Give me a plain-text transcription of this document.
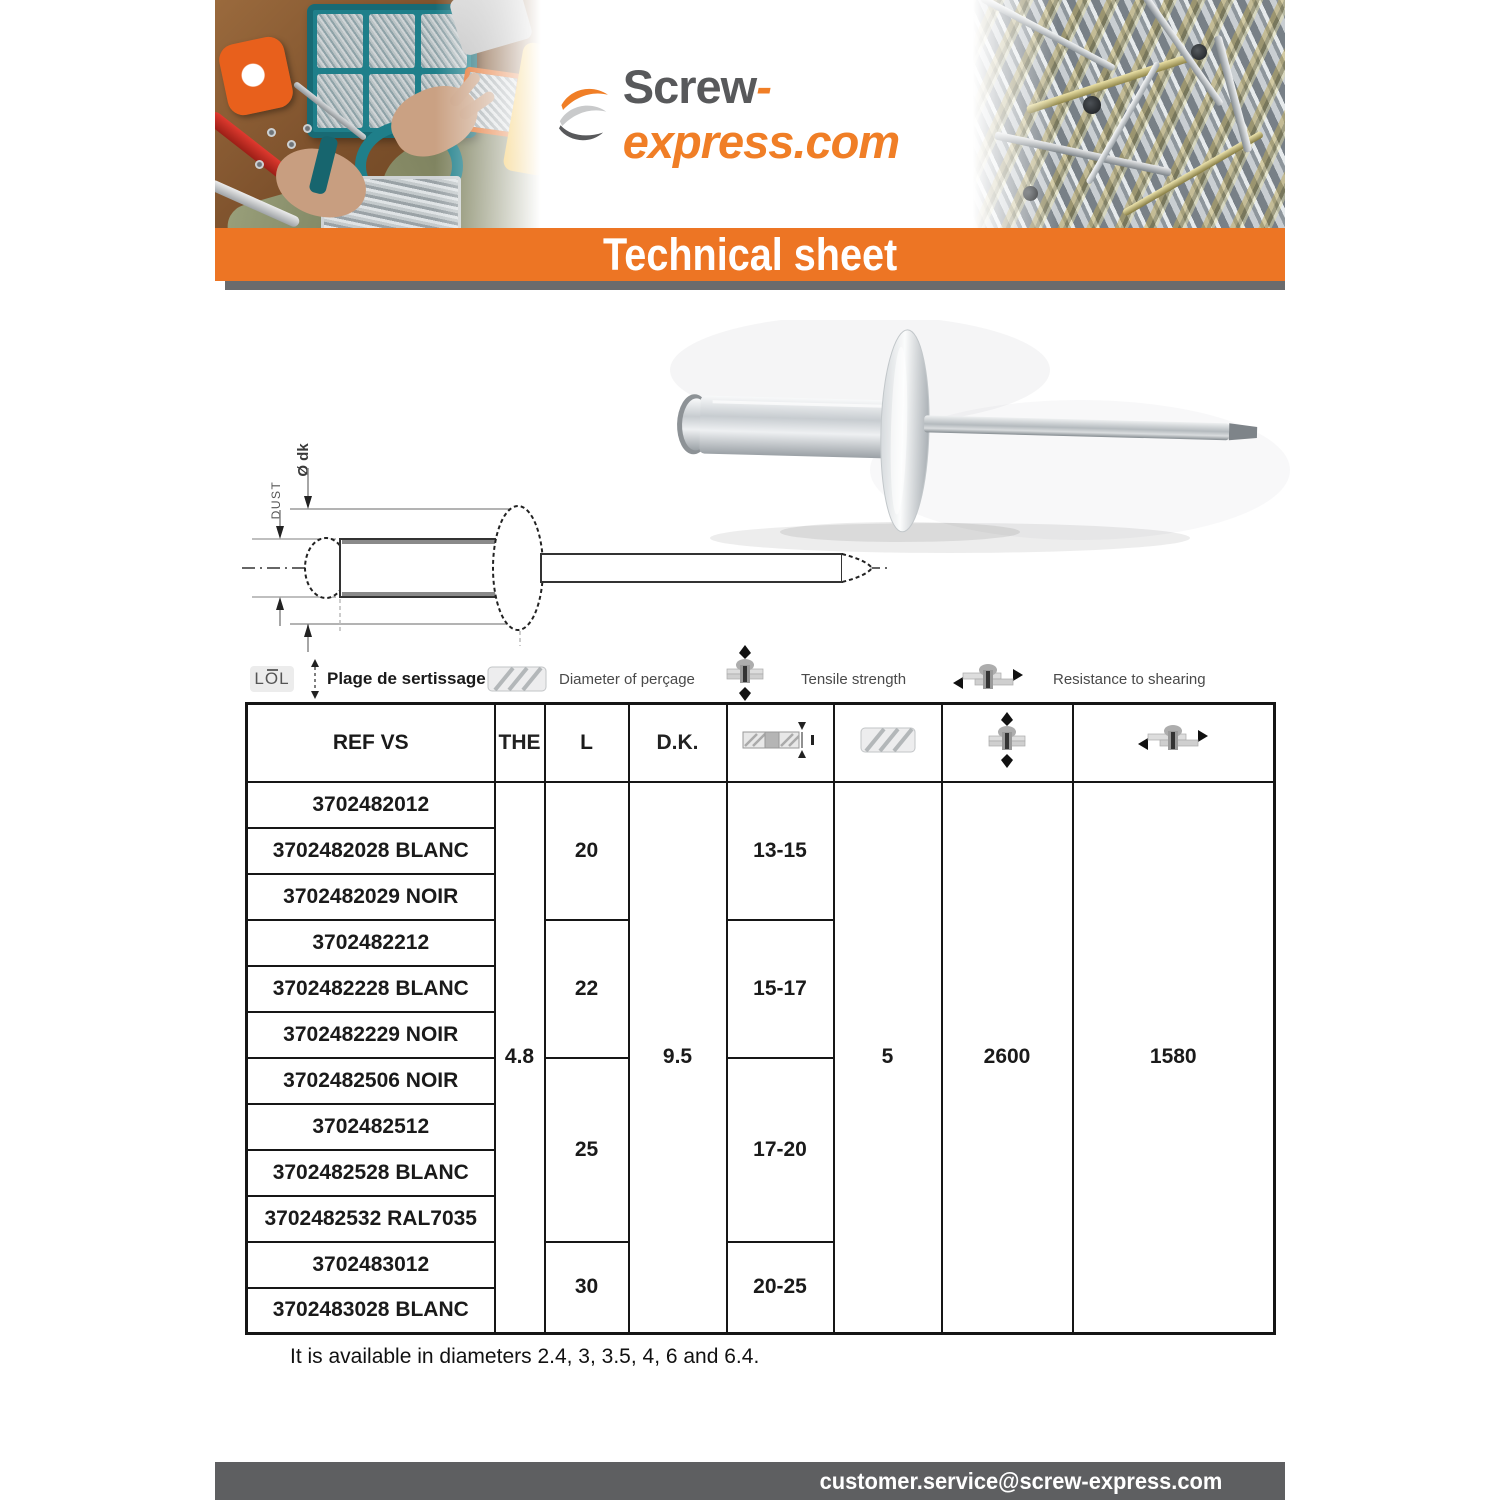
Screw-express.com
Technical sheet
Ø dk
DUST
LOL Plage de sertissage	Diameter of perçage	Tensile strength	Resistance to shearing
REF VS	THE	L	D.K.				
3702482012	4.8	20	9.5	13-15	5	2600	1580
3702482028 BLANC							
3702482029 NOIR							
3702482212		22		15-17			
3702482228 BLANC							
3702482229 NOIR							
3702482506 NOIR		25		17-20			
3702482512							
3702482528 BLANC							
3702482532 RAL7035							
3702483012		30		20-25			
3702483028 BLANC							
It is available in diameters 2.4, 3, 3.5, 4, 6 and 6.4.
customer.service@screw-express.com
